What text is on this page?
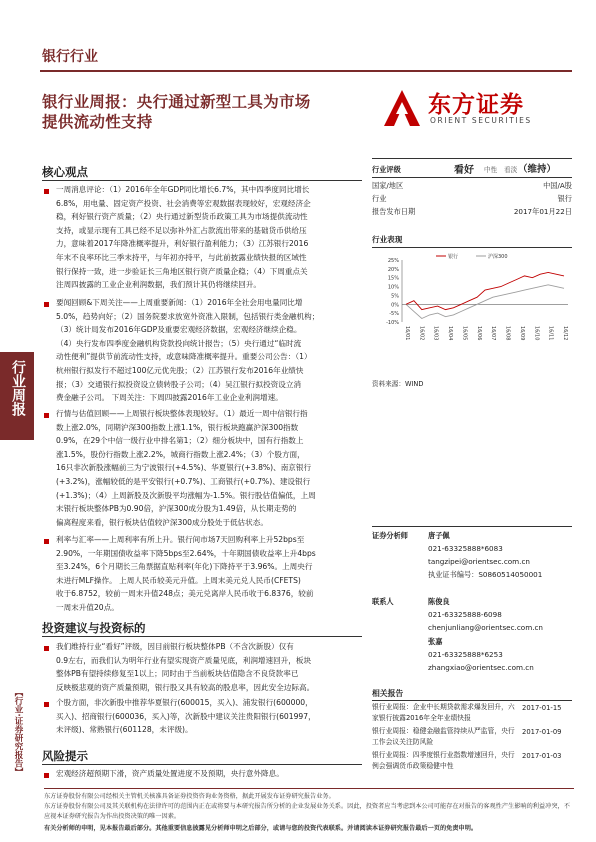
银行行业
银行业周报：央行通过新型工具为市场
提供流动性支持
东方证券
ORIENT SECURITIES
行业周报
【行业·证券研究报告】
核心观点
一周消息评论：（1）2016年全年GDP同比增长6.7%，其中四季度同比增长
6.8%，用电量、固定资产投资、社会消费等宏观数据表现较好，宏观经济企
稳，利好银行资产质量；（2）央行通过新型货币政策工具为市场提供流动性
支持，或显示现有工具已经不足以弥补外汇占款流出带来的基础货币供给压
力，意味着2017年降准概率提升，利好银行盈利能力；（3）江苏银行2016
年末不良率环比三季末持平，与年初亦持平，与此前披露业绩快报的区域性
银行保持一致，进一步验证长三角地区银行资产质量企稳；（4）下周重点关
注周四披露的工业企业利润数据，我们预计其仍将继续回升。
要闻回顾&下周关注——上周重要新闻：（1）2016年全社会用电量同比增
5.0%，趋势向好；（2）国务院要求放宽外资准入限制，包括银行类金融机构；
（3）统计局发布2016年GDP及重要宏观经济数据，宏观经济继续企稳。
（4）央行发布四季度金融机构贷款投向统计报告；（5）央行通过“临时流
动性便利”提供节前流动性支持，或意味降准概率提升。重要公司公告：（1）
杭州银行拟发行不超过100亿元优先股；（2）江苏银行发布2016年业绩快
报；（3）交通银行拟投资设立债转股子公司；（4）吴江银行拟投资设立消
费金融子公司。 下周关注：下周四披露2016年工业企业利润增速。
行情与估值回顾——上周银行板块整体表现较好。（1）最近一周中信银行指
数上涨2.0%，同期沪深300指数上涨1.1%，银行板块跑赢沪深300指数
0.9%，在29个中信一级行业中排名第1；（2）细分板块中，国有行指数上
涨1.5%，股份行指数上涨2.2%，城商行指数上涨2.4%；（3）个股方面，
16只非次新股涨幅前三为宁波银行(+4.5%)、华夏银行(+3.8%)、南京银行
(+3.2%)，涨幅较低的是平安银行(+0.7%)、工商银行(+0.7%)、建设银行
(+1.3%)；（4）上周新股及次新股平均涨幅为-1.5%。银行股估值偏低，上周
末银行板块整体PB为0.90倍，沪深300成分股为1.49倍，从长期走势的
偏离程度来看，银行板块估值较沪深300成分股处于低估状态。
利率与汇率——上周利率有所上升。银行间市场7天回购利率上升52bps至
2.90%，一年期国债收益率下降5bps至2.64%，十年期国债收益率上升4bps
至3.24%，6个月期长三角票据直贴利率(年化)下降持平于3.96%。上周央行
未进行MLF操作。 上周人民币较美元升值。上周末美元兑人民币(CFETS)
收于6.8752，较前一周末升值248点；美元兑离岸人民币收于6.8376，较前
一周末升值20点。
投资建议与投资标的
我们维持行业“看好”评级，因目前银行板块整体PB（不含次新股）仅有
0.9左右，而我们认为明年行业有望实现资产质量见底，利润增速回升，板块
整体PB有望持续修复至1以上；同时由于当前板块估值隐含不良贷款率已
反映极悲观的资产质量预期，银行股又具有较高的股息率，因此安全边际高。
个股方面，非次新股中推荐华夏银行(600015，买入)、浦发银行(600000，
买入)、招商银行(600036，买入)等，次新股中建议关注贵阳银行(601997，
未评级)、常熟银行(601128，未评级)。
风险提示
宏观经济超预期下滑，资产质量处置进度不及预期，央行意外降息。
行业评级	看好 中性 看淡 （维持）
国家/地区	中国/A股
行业	银行
报告发布日期	2017年01月22日
行业表现
25%
20%
15%
10%
5%
0%
-5%
-10%
16/01 16/02 16/03 16/04 16/05 16/06 16/07 16/08 16/09 16/10 16/11 16/12
银行	沪深300
资料来源：WIND
证券分析师	唐子佩
021-63325888*6083
tangzipei@orientsec.com.cn
执业证书编号：S0860514050001
联系人	陈俊良
021-63325888-6098
chenjunliang@orientsec.com.cn
张嘉
021-63325888*6253
zhangxiao@orientsec.com.cn
相关报告
银行业周报：企业中长期贷款需求爆发回升，六家银行披露2016年全年业绩快报
2017-01-15
银行业周报：稳健金融监管持续从严监管，央行工作会议关注防风险
2017-01-09
银行业周报：四季度银行业指数增速回升，央行例会强调货币政策稳健中性
2017-01-03
东方证券股份有限公司经相关主管机关核准具备证券投资咨询业务资格，据此开展发布证券研究报告业务。
东方证券股份有限公司及其关联机构在法律许可的范围内正在或将要与本研究报告所分析的企业发展业务关系。因此，投资者应当考虑到本公司可能存在对报告的客观性产生影响的利益冲突，不应视本证券研究报告为作出投资决策的唯一因素。
有关分析师的申明，见本报告最后部分。其他重要信息披露见分析师申明之后部分，或请与您的投资代表联系。并请阅读本证券研究报告最后一页的免责申明。
